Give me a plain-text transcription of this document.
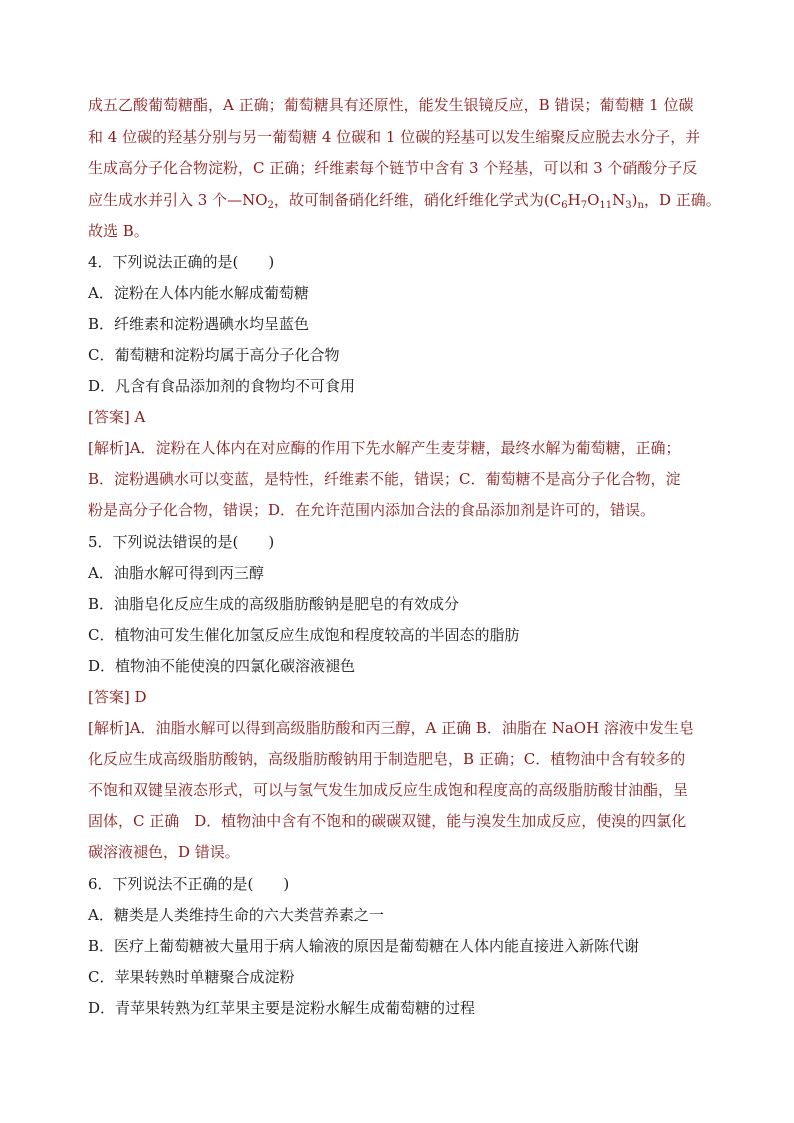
成五乙酸葡萄糖酯，A 正确；葡萄糖具有还原性，能发生银镜反应，B 错误；葡萄糖 1 位碳
和 4 位碳的羟基分别与另一葡萄糖 4 位碳和 1 位碳的羟基可以发生缩聚反应脱去水分子，并
生成高分子化合物淀粉，C 正确；纤维素每个链节中含有 3 个羟基，可以和 3 个硝酸分子反
应生成水并引入 3 个$—NO_2$，故可制备硝化纤维，硝化纤维化学式为$(C_6H_7O_{11}N_3)_n$，D 正确。
故选 B。
4．下列说法正确的是(　　)
A．淀粉在人体内能水解成葡萄糖
B．纤维素和淀粉遇碘水均呈蓝色
C．葡萄糖和淀粉均属于高分子化合物
D．凡含有食品添加剂的食物均不可食用
[答案] A
[解析]A．淀粉在人体内在对应酶的作用下先水解产生麦芽糖，最终水解为葡萄糖，正确；
B．淀粉遇碘水可以变蓝，是特性，纤维素不能，错误；C．葡萄糖不是高分子化合物，淀
粉是高分子化合物，错误；D．在允许范围内添加合法的食品添加剂是许可的，错误。
5．下列说法错误的是(　　)
A．油脂水解可得到丙三醇
B．油脂皂化反应生成的高级脂肪酸钠是肥皂的有效成分
C．植物油可发生催化加氢反应生成饱和程度较高的半固态的脂肪
D．植物油不能使溴的四氯化碳溶液褪色
[答案] D
[解析]A．油脂水解可以得到高级脂肪酸和丙三醇，A 正确 B．油脂在 NaOH 溶液中发生皂
化反应生成高级脂肪酸钠，高级脂肪酸钠用于制造肥皂，B 正确；C．植物油中含有较多的
不饱和双键呈液态形式，可以与氢气发生加成反应生成饱和程度高的高级脂肪酸甘油酯，呈
固体，C 正确　D．植物油中含有不饱和的碳碳双键，能与溴发生加成反应，使溴的四氯化
碳溶液褪色，D 错误。
6．下列说法不正确的是(　　)
A．糖类是人类维持生命的六大类营养素之一
B．医疗上葡萄糖被大量用于病人输液的原因是葡萄糖在人体内能直接进入新陈代谢
C．苹果转熟时单糖聚合成淀粉
D．青苹果转熟为红苹果主要是淀粉水解生成葡萄糖的过程
